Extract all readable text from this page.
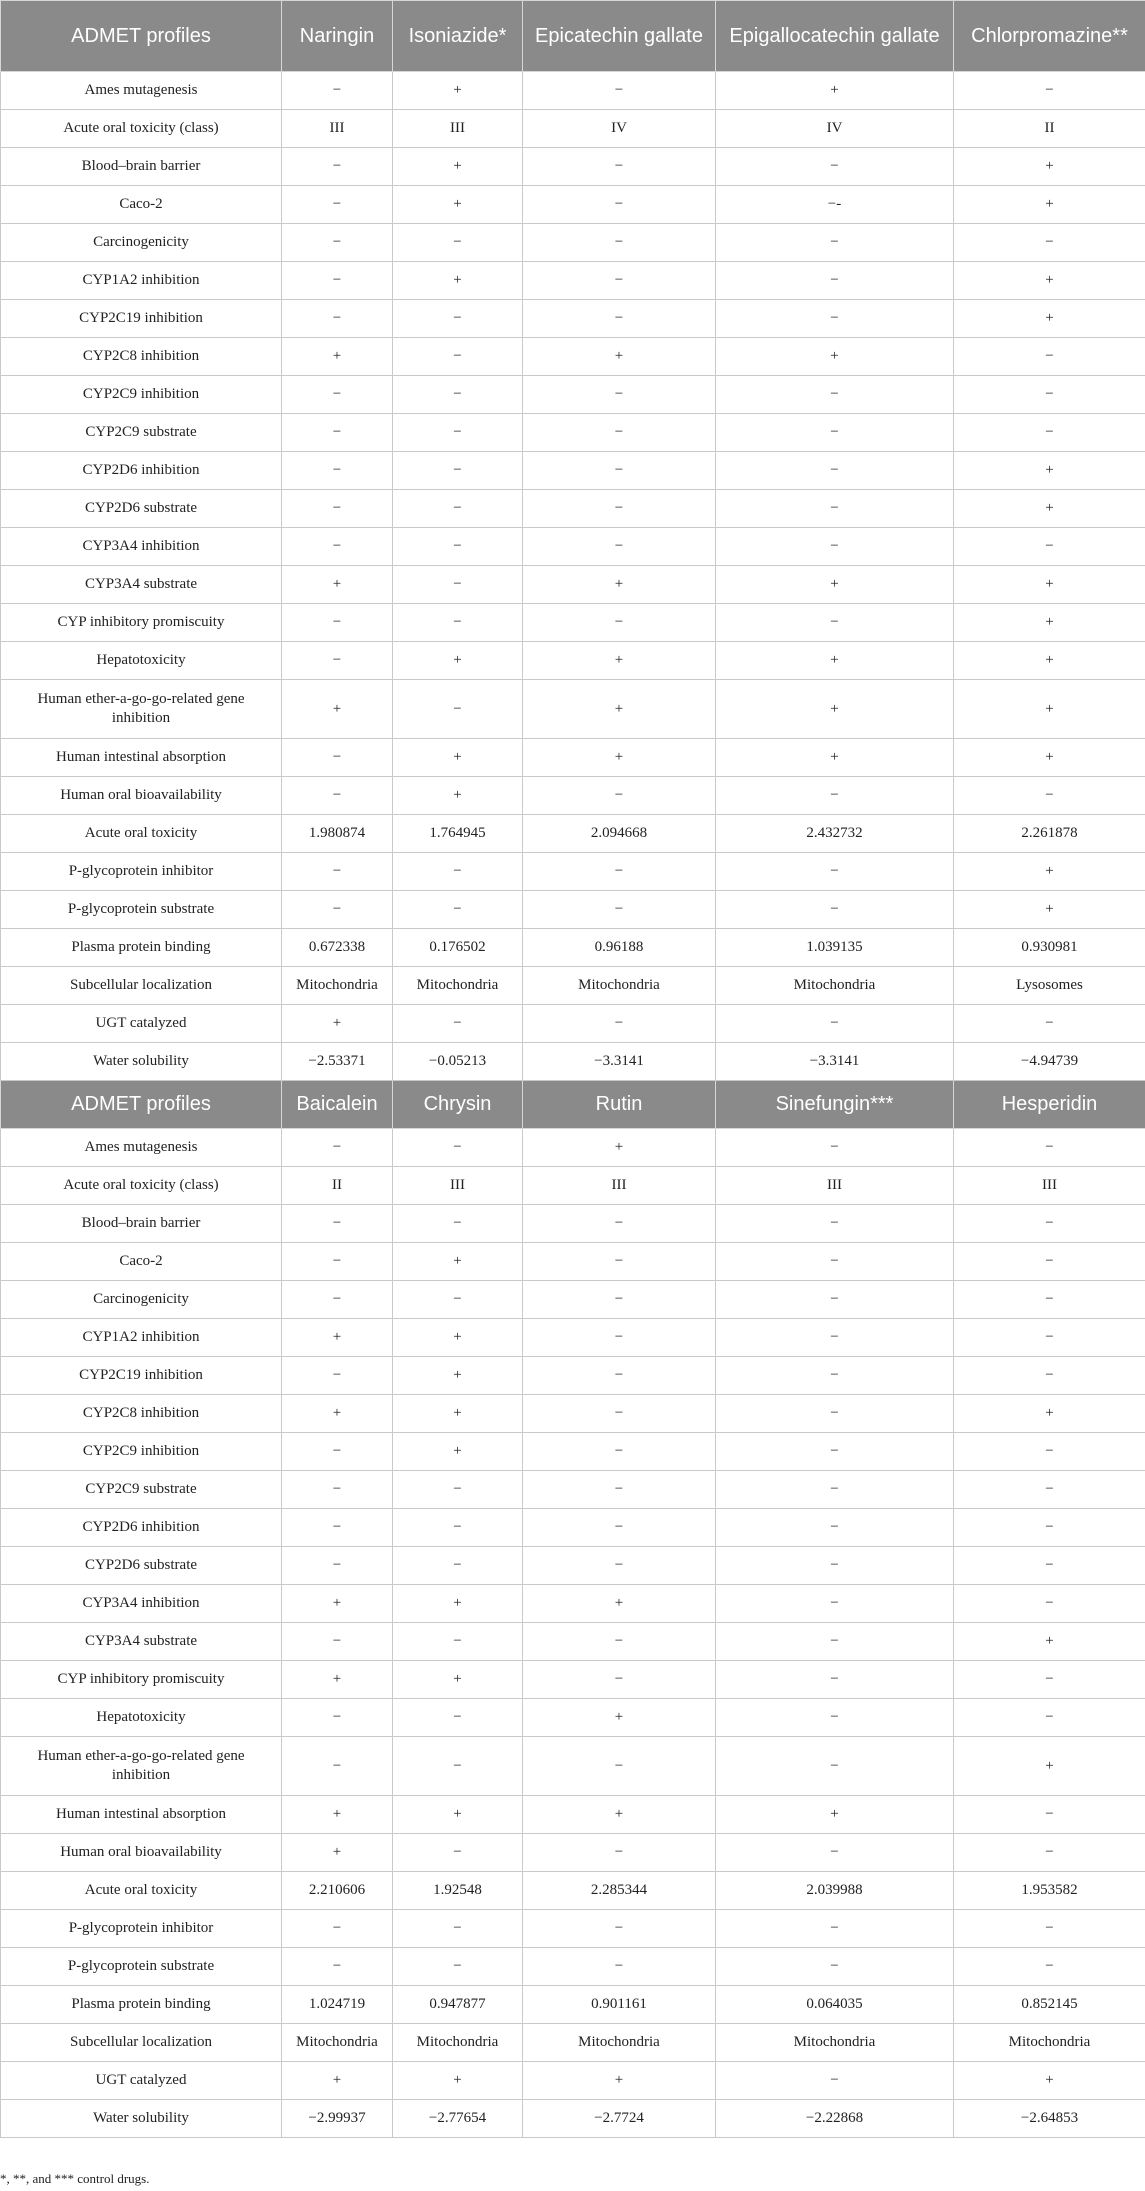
ADMET profiles	Naringin	Isoniazide*	Epicatechin gallate	Epigallocatechin gallate	Chlorpromazine**
Ames mutagenesis	−	+	−	+	−
Acute oral toxicity (class)	III	III	IV	IV	II
Blood–brain barrier	−	+	−	−	+
Caco-2	−	+	−	−-	+
Carcinogenicity	−	−	−	−	−
CYP1A2 inhibition	−	+	−	−	+
CYP2C19 inhibition	−	−	−	−	+
CYP2C8 inhibition	+	−	+	+	−
CYP2C9 inhibition	−	−	−	−	−
CYP2C9 substrate	−	−	−	−	−
CYP2D6 inhibition	−	−	−	−	+
CYP2D6 substrate	−	−	−	−	+
CYP3A4 inhibition	−	−	−	−	−
CYP3A4 substrate	+	−	+	+	+
CYP inhibitory promiscuity	−	−	−	−	+
Hepatotoxicity	−	+	+	+	+
Human ether-a-go-go-related gene inhibition	+	−	+	+	+
Human intestinal absorption	−	+	+	+	+
Human oral bioavailability	−	+	−	−	−
Acute oral toxicity	1.980874	1.764945	2.094668	2.432732	2.261878
P-glycoprotein inhibitor	−	−	−	−	+
P-glycoprotein substrate	−	−	−	−	+
Plasma protein binding	0.672338	0.176502	0.96188	1.039135	0.930981
Subcellular localization	Mitochondria	Mitochondria	Mitochondria	Mitochondria	Lysosomes
UGT catalyzed	+	−	−	−	−
Water solubility	−2.53371	−0.05213	−3.3141	−3.3141	−4.94739
ADMET profiles	Baicalein	Chrysin	Rutin	Sinefungin***	Hesperidin
Ames mutagenesis	−	−	+	−	−
Acute oral toxicity (class)	II	III	III	III	III
Blood–brain barrier	−	−	−	−	−
Caco-2	−	+	−	−	−
Carcinogenicity	−	−	−	−	−
CYP1A2 inhibition	+	+	−	−	−
CYP2C19 inhibition	−	+	−	−	−
CYP2C8 inhibition	+	+	−	−	+
CYP2C9 inhibition	−	+	−	−	−
CYP2C9 substrate	−	−	−	−	−
CYP2D6 inhibition	−	−	−	−	−
CYP2D6 substrate	−	−	−	−	−
CYP3A4 inhibition	+	+	+	−	−
CYP3A4 substrate	−	−	−	−	+
CYP inhibitory promiscuity	+	+	−	−	−
Hepatotoxicity	−	−	+	−	−
Human ether-a-go-go-related gene inhibition	−	−	−	−	+
Human intestinal absorption	+	+	+	+	−
Human oral bioavailability	+	−	−	−	−
Acute oral toxicity	2.210606	1.92548	2.285344	2.039988	1.953582
P-glycoprotein inhibitor	−	−	−	−	−
P-glycoprotein substrate	−	−	−	−	−
Plasma protein binding	1.024719	0.947877	0.901161	0.064035	0.852145
Subcellular localization	Mitochondria	Mitochondria	Mitochondria	Mitochondria	Mitochondria
UGT catalyzed	+	+	+	−	+
Water solubility	−2.99937	−2.77654	−2.7724	−2.22868	−2.64853
*, **, and *** control drugs.
